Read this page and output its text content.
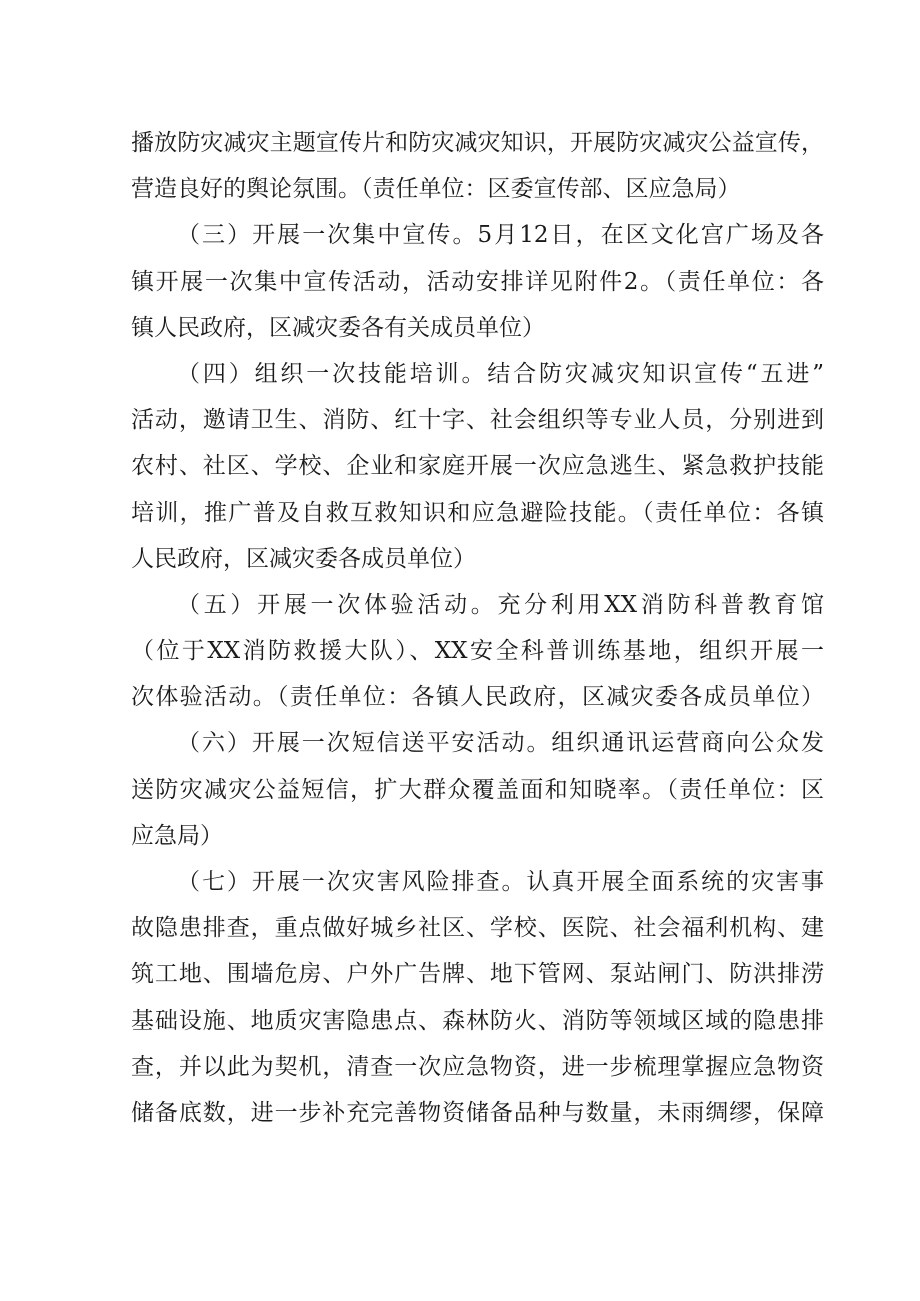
播放防灾减灾主题宣传片和防灾减灾知识，开展防灾减灾公益宣传，
营造良好的舆论氛围。（责任单位：区委宣传部、区应急局）
（三）开展一次集中宣传。5月12日，在区文化宫广场及各
镇开展一次集中宣传活动，活动安排详见附件2。（责任单位：各
镇人民政府，区减灾委各有关成员单位）
（四）组织一次技能培训。结合防灾减灾知识宣传“五进”
活动，邀请卫生、消防、红十字、社会组织等专业人员，分别进到
农村、社区、学校、企业和家庭开展一次应急逃生、紧急救护技能
培训，推广普及自救互救知识和应急避险技能。（责任单位：各镇
人民政府，区减灾委各成员单位）
（五）开展一次体验活动。充分利用XX消防科普教育馆
（位于XX消防救援大队）、XX安全科普训练基地，组织开展一
次体验活动。（责任单位：各镇人民政府，区减灾委各成员单位）
（六）开展一次短信送平安活动。组织通讯运营商向公众发
送防灾减灾公益短信，扩大群众覆盖面和知晓率。（责任单位：区
应急局）
（七）开展一次灾害风险排查。认真开展全面系统的灾害事
故隐患排查，重点做好城乡社区、学校、医院、社会福利机构、建
筑工地、围墙危房、户外广告牌、地下管网、泵站闸门、防洪排涝
基础设施、地质灾害隐患点、森林防火、消防等领域区域的隐患排
查，并以此为契机，清查一次应急物资，进一步梳理掌握应急物资
储备底数，进一步补充完善物资储备品种与数量，未雨绸缪，保障
